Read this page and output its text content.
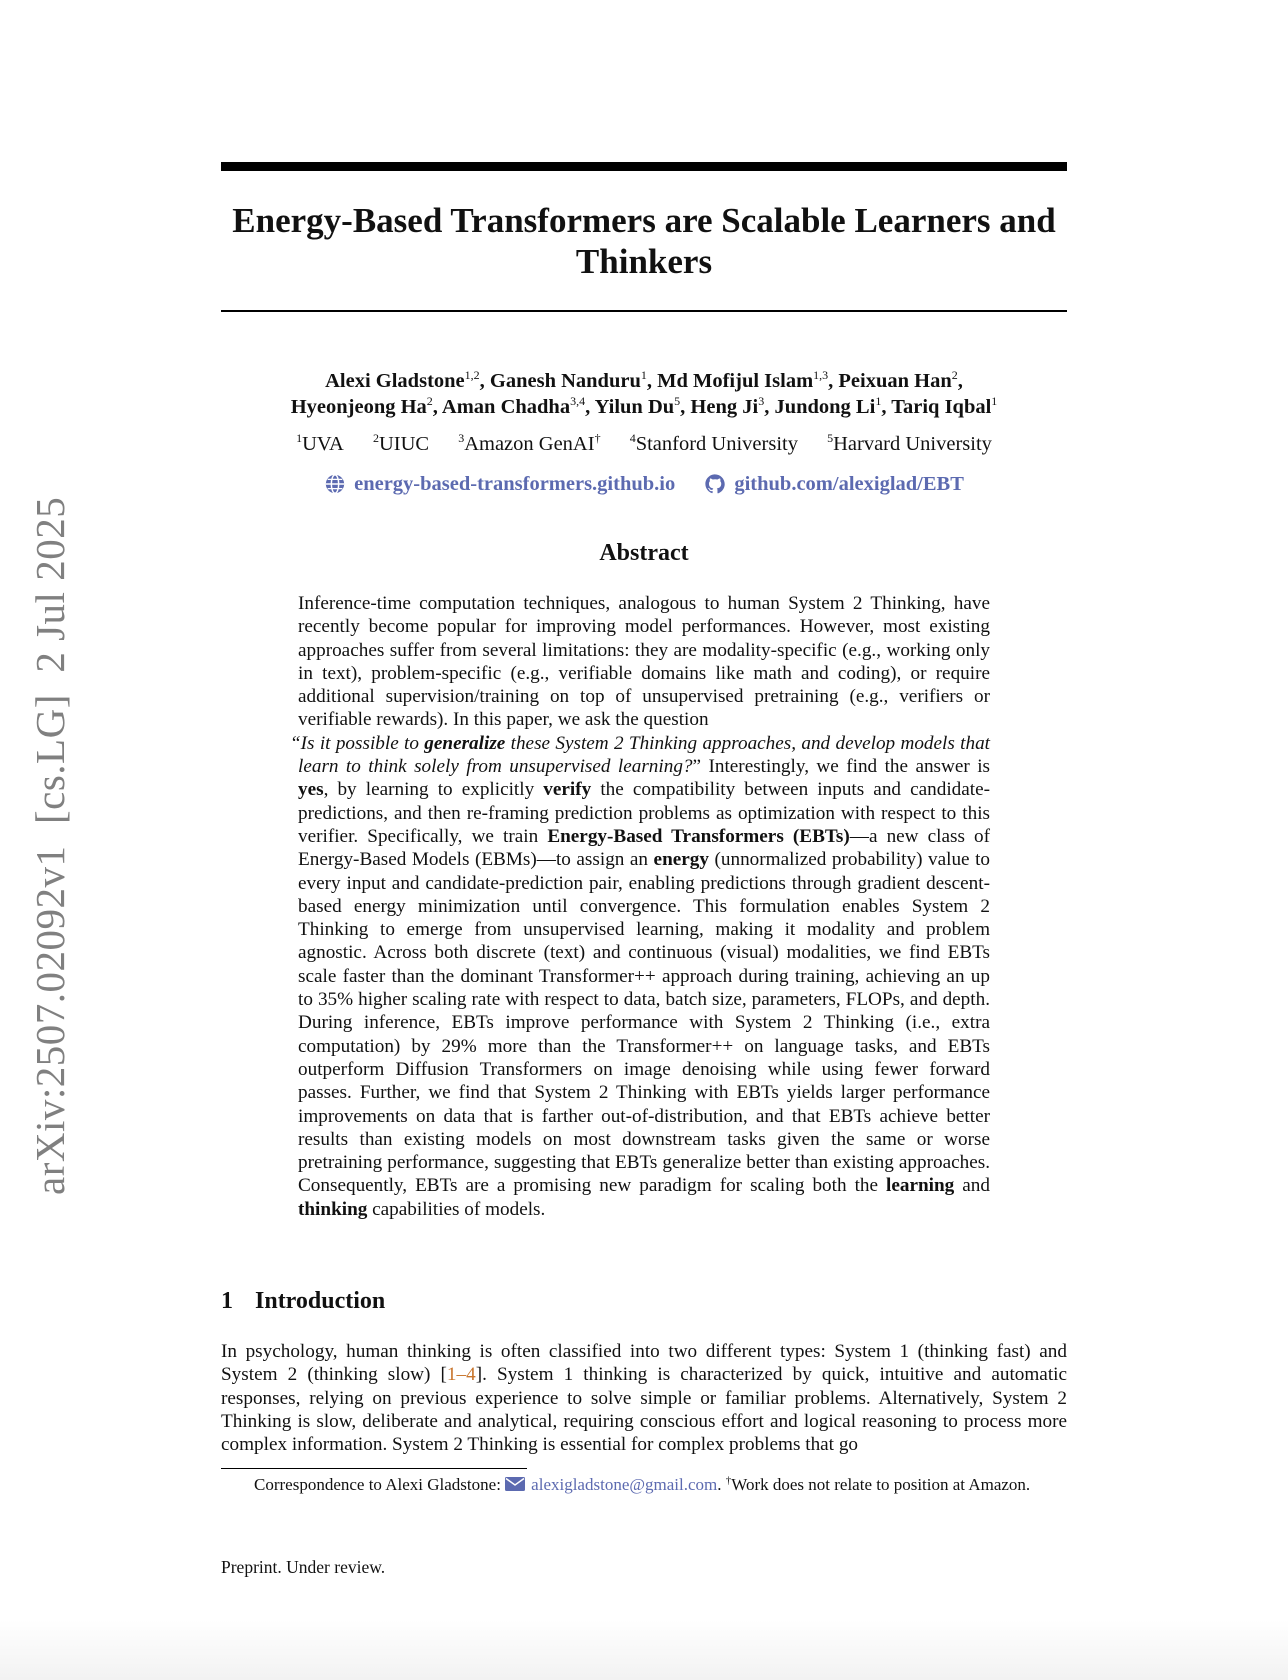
Energy-Based Transformers are Scalable Learners and Thinkers
Alexi Gladstone$^{1,2}$, Ganesh Nanduru$^1$, Md Mofijul Islam$^{1,3}$, Peixuan Han$^2$,
Hyeonjeong Ha$^2$, Aman Chadha$^{3,4}$, Yilun Du$^5$, Heng Ji$^3$, Jundong Li$^1$, Tariq Iqbal$^1$
$^1$UVA $^2$UIUC $^3$Amazon GenAI† $^4$Stanford University $^5$Harvard University
energy-based-transformers.github.io
	github.com/alexiglad/EBT
Abstract

Inference-time computation techniques, analogous to human System 2 Thinking, have recently become popular for improving model performances. However, most existing approaches suffer from several limitations: they are modality-specific (e.g., working only in text), problem-specific (e.g., verifiable domains like math and coding), or require additional supervision/training on top of unsupervised pretraining (e.g., verifiers or verifiable rewards). In this paper, we ask the question
“Is it possible to generalize these System 2 Thinking approaches, and develop models that learn to think solely from unsupervised learning?” Interestingly, we find the answer is yes, by learning to explicitly verify the compatibility between inputs and candidate-predictions, and then re-framing prediction problems as optimization with respect to this verifier. Specifically, we train Energy-Based Transformers (EBTs)—a new class of Energy-Based Models (EBMs)—to assign an energy (unnormalized probability) value to every input and candidate-prediction pair, enabling predictions through gradient descent-based energy minimization until convergence. This formulation enables System 2 Thinking to emerge from unsupervised learning, making it modality and problem agnostic. Across both discrete (text) and continuous (visual) modalities, we find EBTs scale faster than the dominant Transformer++ approach during training, achieving an up to 35% higher scaling rate with respect to data, batch size, parameters, FLOPs, and depth. During inference, EBTs improve performance with System 2 Thinking (i.e., extra computation) by 29% more than the Transformer++ on language tasks, and EBTs outperform Diffusion Transformers on image denoising while using fewer forward passes. Further, we find that System 2 Thinking with EBTs yields larger performance improvements on data that is farther out-of-distribution, and that EBTs achieve better results than existing models on most downstream tasks given the same or worse pretraining performance, suggesting that EBTs generalize better than existing approaches. Consequently, EBTs are a promising new paradigm for scaling both the learning and thinking capabilities of models.

1 Introduction

In psychology, human thinking is often classified into two different types: System 1 (thinking fast) and System 2 (thinking slow) [1–4]. System 1 thinking is characterized by quick, intuitive and automatic responses, relying on previous experience to solve simple or familiar problems. Alternatively, System 2 Thinking is slow, deliberate and analytical, requiring conscious effort and logical reasoning to process more complex information. System 2 Thinking is essential for complex problems that go

Correspondence to Alexi Gladstone: alexigladstone@gmail.com. †Work does not relate to position at Amazon.

Preprint. Under review.

arXiv:2507.02092v1  [cs.LG]  2 Jul 2025
